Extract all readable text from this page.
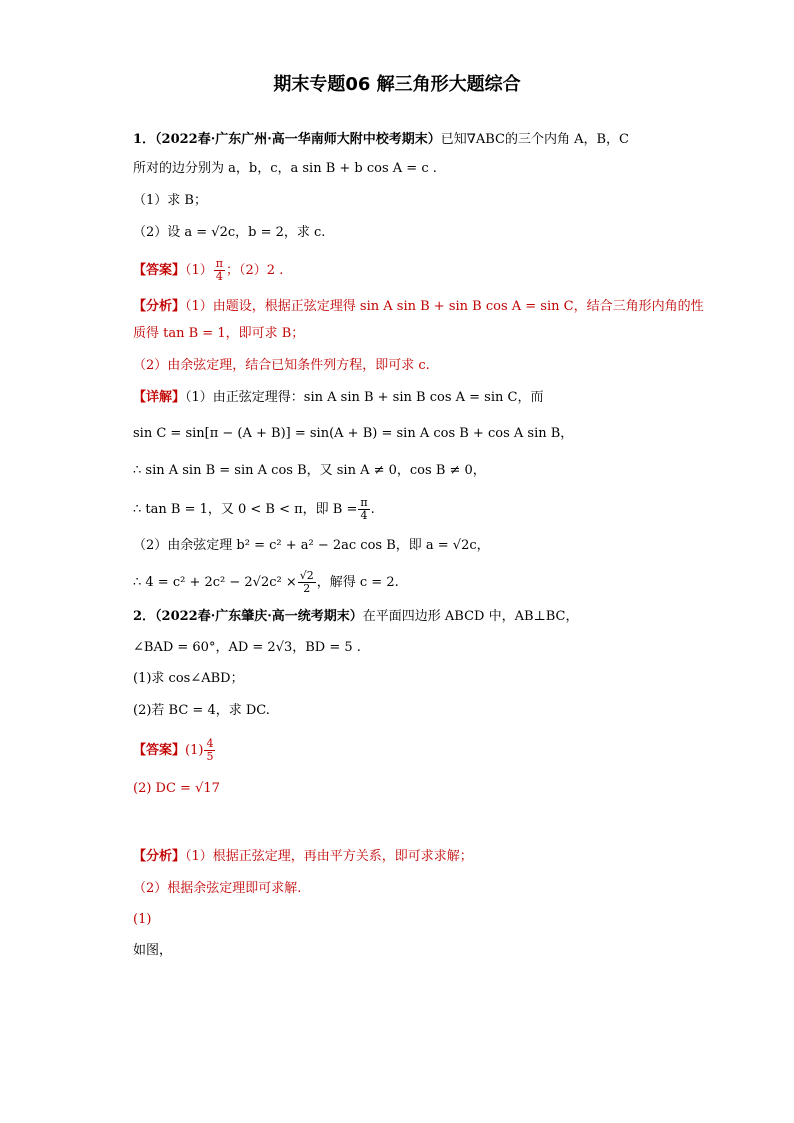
期末专题06 解三角形大题综合
1．（2022春·广东广州·高一华南师大附中校考期末）已知∇ABC的三个内角 A，B，C
所对的边分别为 a，b，c，a sin B + b cos A = c .
（1）求 B；
（2）设 a = √2c，b = 2，求 c.
【答案】$(1) \frac{\pi}{4}$ ；（2）2 .
【分析】（1）由题设，根据正弦定理得 sin A sin B + sin B cos A = sin C，结合三角形内角的性
质得 tan B = 1，即可求 B；
（2）由余弦定理，结合已知条件列方程，即可求 c.
【详解】（1）由正弦定理得：sin A sin B + sin B cos A = sin C，而
sin C = sin[π − (A + B)] = sin(A + B) = sin A cos B + cos A sin B，
∴ sin A sin B = sin A cos B，又 sin A ≠ 0，cos B ≠ 0，
∴ tan B = 1，又 0 < B < π，即 $B = \frac{\pi}{4}$ .
（2）由余弦定理 b² = c² + a² − 2ac cos B，即 a = √2c，
∴ $4 = c^2 + 2c^2 - 2√2c^2 \times \frac{√2}{2}$ ，解得 c = 2.
2．（2022春·广东肇庆·高一统考期末）在平面四边形 ABCD 中，AB⊥BC，
∠BAD = 60°，AD = 2√3，BD = 5 .
(1)求 cos∠ABD；
(2)若 BC = 4，求 DC.
【答案】$(1) \frac{4}{5}$
(2) DC = √17
【分析】（1）根据正弦定理，再由平方关系，即可求求解；
（2）根据余弦定理即可求解.
(1)
如图，
